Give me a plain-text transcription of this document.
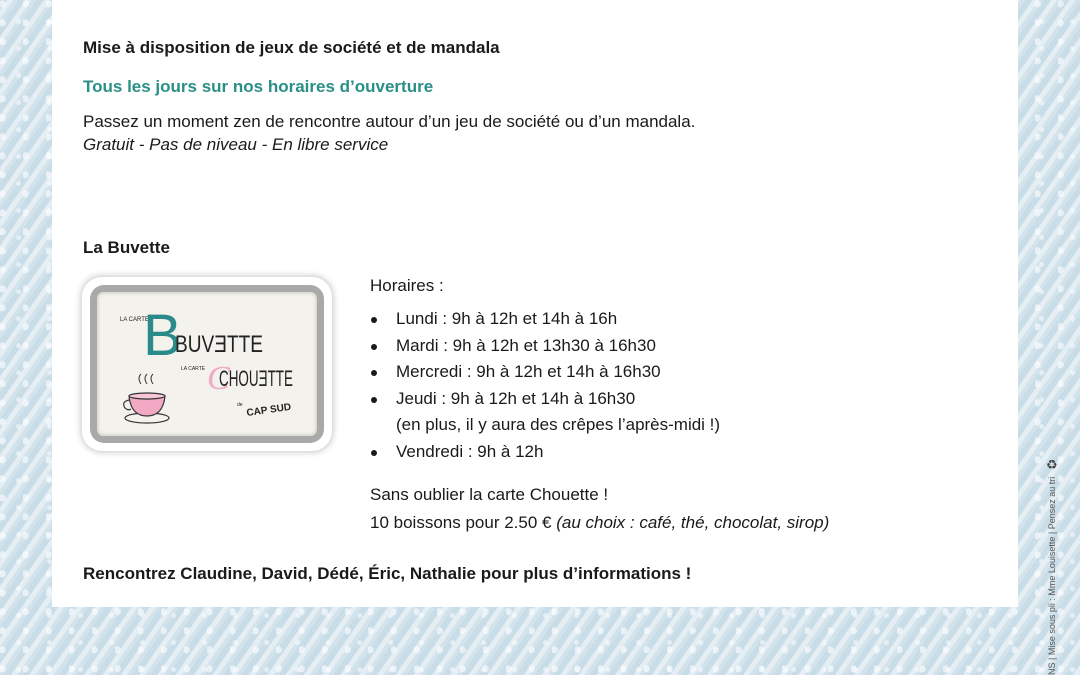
Mise à disposition de jeux de société et de mandala
Tous les jours sur nos horaires d’ouverture
Passez un moment zen de rencontre autour d’un jeu de société ou d’un mandala.
Gratuit - Pas de niveau - En libre service
La Buvette
LA CARTE
B
BUVƎTTE
LA CARTE C
CHOUƎTTE
de CAP SUD
Horaires :
Lundi : 9h à 12h et 14h à 16h
Mardi : 9h à 12h et 13h30 à 16h30
Mercredi : 9h à 12h et 14h à 16h30
Jeudi : 9h à 12h et 14h à 16h30
(en plus, il y aura des crêpes l’après-midi !)
Vendredi : 9h à 12h
Sans oublier la carte Chouette !
10 boissons pour 2.50 € (au choix : café, thé, chocolat, sirop)
Rencontrez Claudine, David, Dédé, Éric, Nathalie pour plus d’informations !	NS | Mise sous pli : Mme Louisette | Pensez au tri
♻
